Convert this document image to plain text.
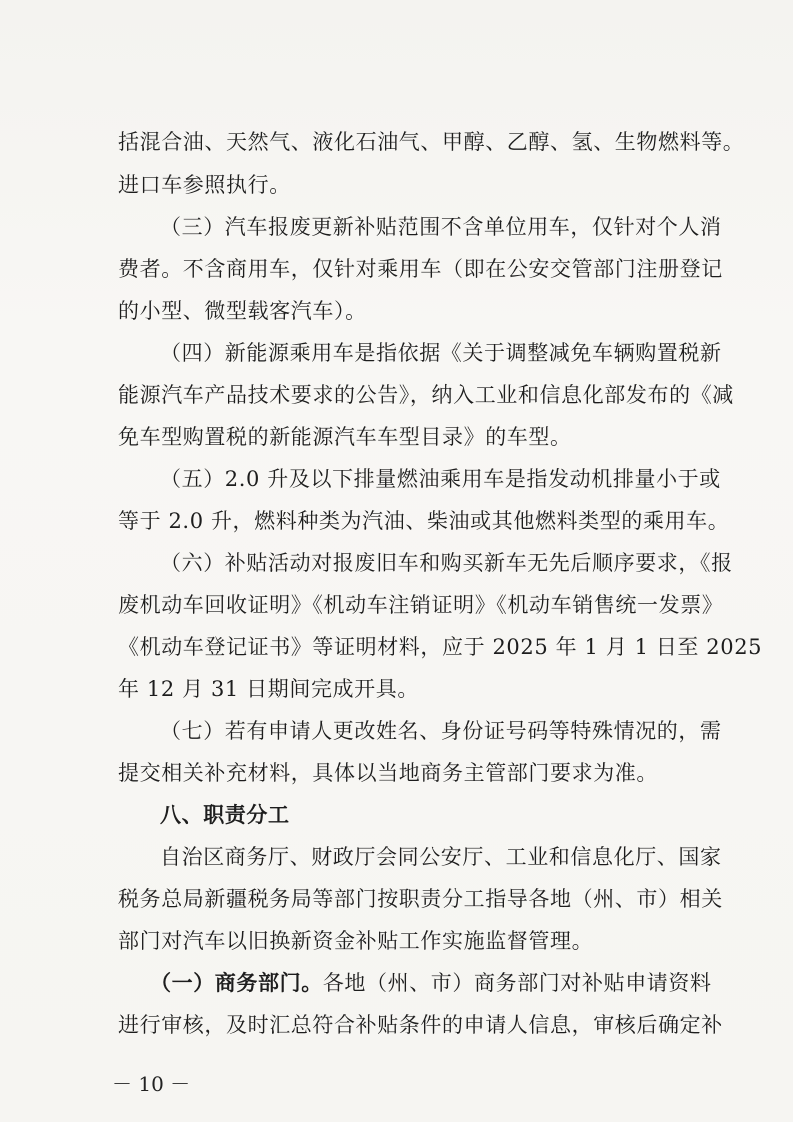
括混合油、天然气、液化石油气、甲醇、乙醇、氢、生物燃料等。
进口车参照执行。
（三）汽车报废更新补贴范围不含单位用车，仅针对个人消
费者。不含商用车，仅针对乘用车（即在公安交管部门注册登记
的小型、微型载客汽车）。
（四）新能源乘用车是指依据《关于调整减免车辆购置税新
能源汽车产品技术要求的公告》，纳入工业和信息化部发布的《减
免车型购置税的新能源汽车车型目录》的车型。
（五）2.0 升及以下排量燃油乘用车是指发动机排量小于或
等于 2.0 升，燃料种类为汽油、柴油或其他燃料类型的乘用车。
（六）补贴活动对报废旧车和购买新车无先后顺序要求，《报
废机动车回收证明》《机动车注销证明》《机动车销售统一发票》
《机动车登记证书》等证明材料，应于 2025 年 1 月 1 日至 2025
年 12 月 31 日期间完成开具。
（七）若有申请人更改姓名、身份证号码等特殊情况的，需
提交相关补充材料，具体以当地商务主管部门要求为准。
八、职责分工
自治区商务厅、财政厅会同公安厅、工业和信息化厅、国家
税务总局新疆税务局等部门按职责分工指导各地（州、市）相关
部门对汽车以旧换新资金补贴工作实施监督管理。
（一）商务部门。各地（州、市）商务部门对补贴申请资料
进行审核，及时汇总符合补贴条件的申请人信息，审核后确定补
－ 10 －
